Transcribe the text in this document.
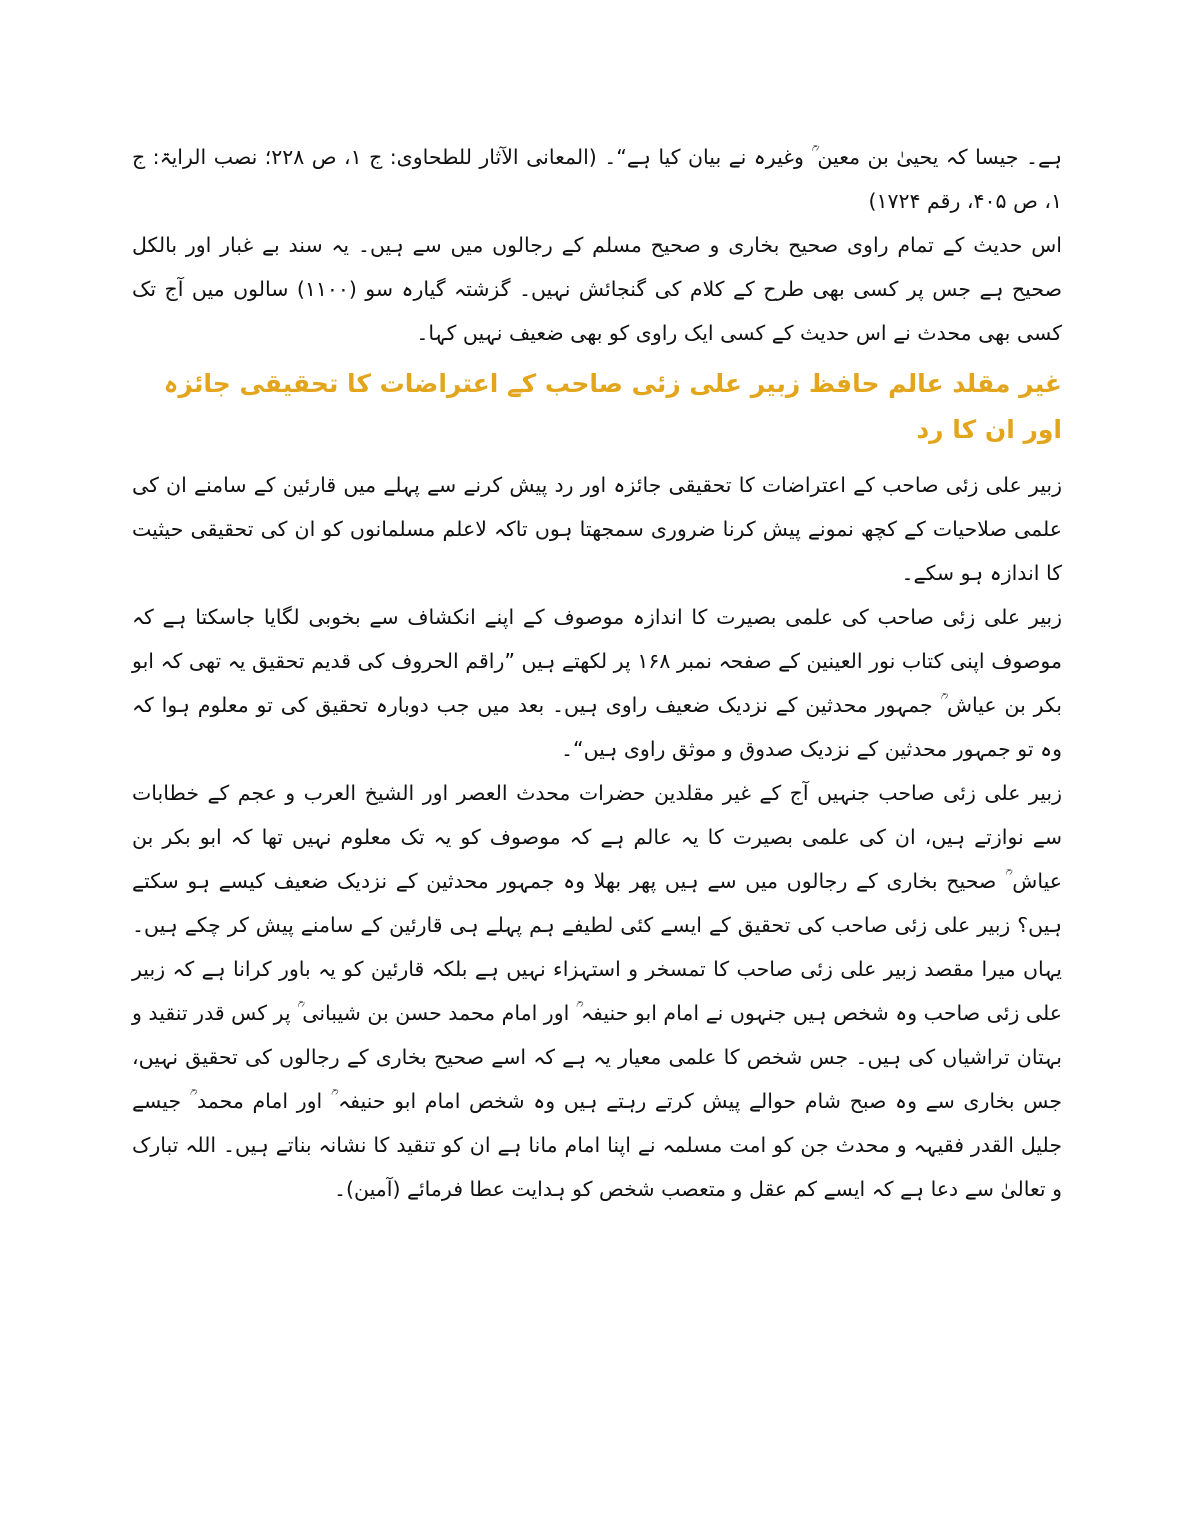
ہے۔ جیسا کہ یحییٰ بن معین ؒ وغیرہ نے بیان کیا ہے“۔ (المعانی الآثار للطحاوی: ج ۱، ص ۲۲۸؛ نصب الرایۃ: ج ۱، ص ۴۰۵، رقم ۱۷۲۴)

اس حدیث کے تمام راوی صحیح بخاری و صحیح مسلم کے رجالوں میں سے ہیں۔ یہ سند بے غبار اور بالکل صحیح ہے جس پر کسی بھی طرح کے کلام کی گنجائش نہیں۔ گزشتہ گیارہ سو (۱۱۰۰) سالوں میں آج تک کسی بھی محدث نے اس حدیث کے کسی ایک راوی کو بھی ضعیف نہیں کہا۔

غیر مقلد عالم حافظ زبیر علی زئی صاحب کے اعتراضات کا تحقیقی جائزہ اور ان کا رد

زبیر علی زئی صاحب کے اعتراضات کا تحقیقی جائزہ اور رد پیش کرنے سے پہلے میں قارئین کے سامنے ان کی علمی صلاحیات کے کچھ نمونے پیش کرنا ضروری سمجھتا ہوں تاکہ لاعلم مسلمانوں کو ان کی تحقیقی حیثیت کا اندازہ ہو سکے۔

زبیر علی زئی صاحب کی علمی بصیرت کا اندازہ موصوف کے اپنے انکشاف سے بخوبی لگایا جاسکتا ہے کہ موصوف اپنی کتاب نور العینین کے صفحہ نمبر ۱۶۸ پر لکھتے ہیں ”راقم الحروف کی قدیم تحقیق یہ تھی کہ ابو بکر بن عیاش ؒ جمہور محدثین کے نزدیک ضعیف راوی ہیں۔ بعد میں جب دوبارہ تحقیق کی تو معلوم ہوا کہ وہ تو جمہور محدثین کے نزدیک صدوق و موثق راوی ہیں“۔

زبیر علی زئی صاحب جنہیں آج کے غیر مقلدین حضرات محدث العصر اور الشیخ العرب و عجم کے خطابات سے نوازتے ہیں، ان کی علمی بصیرت کا یہ عالم ہے کہ موصوف کو یہ تک معلوم نہیں تھا کہ ابو بکر بن عیاش ؒ صحیح بخاری کے رجالوں میں سے ہیں پھر بھلا وہ جمہور محدثین کے نزدیک ضعیف کیسے ہو سکتے ہیں؟ زبیر علی زئی صاحب کی تحقیق کے ایسے کئی لطیفے ہم پہلے ہی قارئین کے سامنے پیش کر چکے ہیں۔ یہاں میرا مقصد زبیر علی زئی صاحب کا تمسخر و استہزاء نہیں ہے بلکہ قارئین کو یہ باور کرانا ہے کہ زبیر علی زئی صاحب وہ شخص ہیں جنہوں نے امام ابو حنیفہ ؒ اور امام محمد حسن بن شیبانی ؒ پر کس قدر تنقید و بہتان تراشیاں کی ہیں۔ جس شخص کا علمی معیار یہ ہے کہ اسے صحیح بخاری کے رجالوں کی تحقیق نہیں، جس بخاری سے وہ صبح شام حوالے پیش کرتے رہتے ہیں وہ شخص امام ابو حنیفہ ؒ اور امام محمد ؒ جیسے جلیل القدر فقیہہ و محدث جن کو امت مسلمہ نے اپنا امام مانا ہے ان کو تنقید کا نشانہ بناتے ہیں۔ اللہ تبارک و تعالیٰ سے دعا ہے کہ ایسے کم عقل و متعصب شخص کو ہدایت عطا فرمائے (آمین)۔
